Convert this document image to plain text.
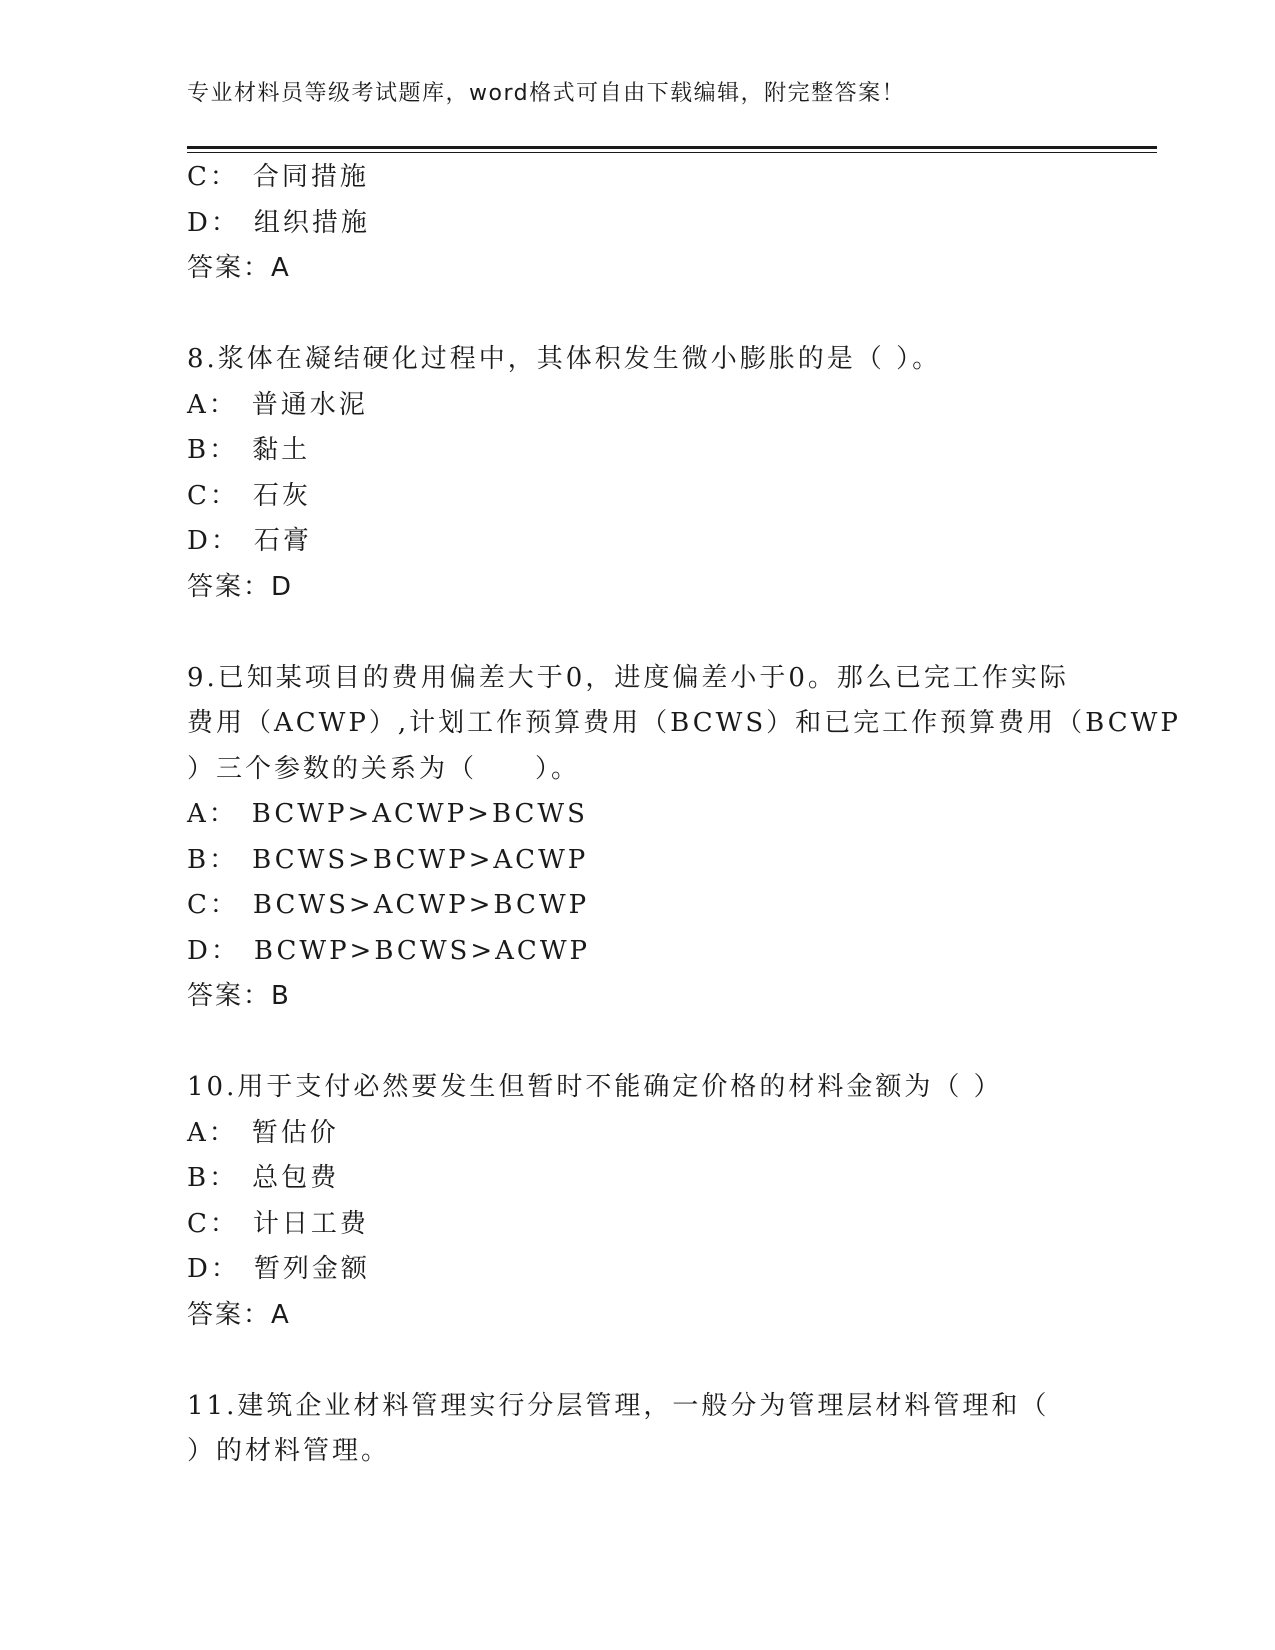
专业材料员等级考试题库，word格式可自由下载编辑，附完整答案！
C： 合同措施
D： 组织措施
答案：A
8.浆体在凝结硬化过程中，其体积发生微小膨胀的是（ ）。
A： 普通水泥
B： 黏土
C： 石灰
D： 石膏
答案：D
9.已知某项目的费用偏差大于0，进度偏差小于0。那么已完工作实际
费用（ACWP）,计划工作预算费用（BCWS）和已完工作预算费用（BCWP
）三个参数的关系为（　　）。
A： BCWP>ACWP>BCWS
B： BCWS>BCWP>ACWP
C： BCWS>ACWP>BCWP
D： BCWP>BCWS>ACWP
答案：B
10.用于支付必然要发生但暂时不能确定价格的材料金额为（ ）
A： 暂估价
B： 总包费
C： 计日工费
D： 暂列金额
答案：A
11.建筑企业材料管理实行分层管理，一般分为管理层材料管理和（
）的材料管理。
